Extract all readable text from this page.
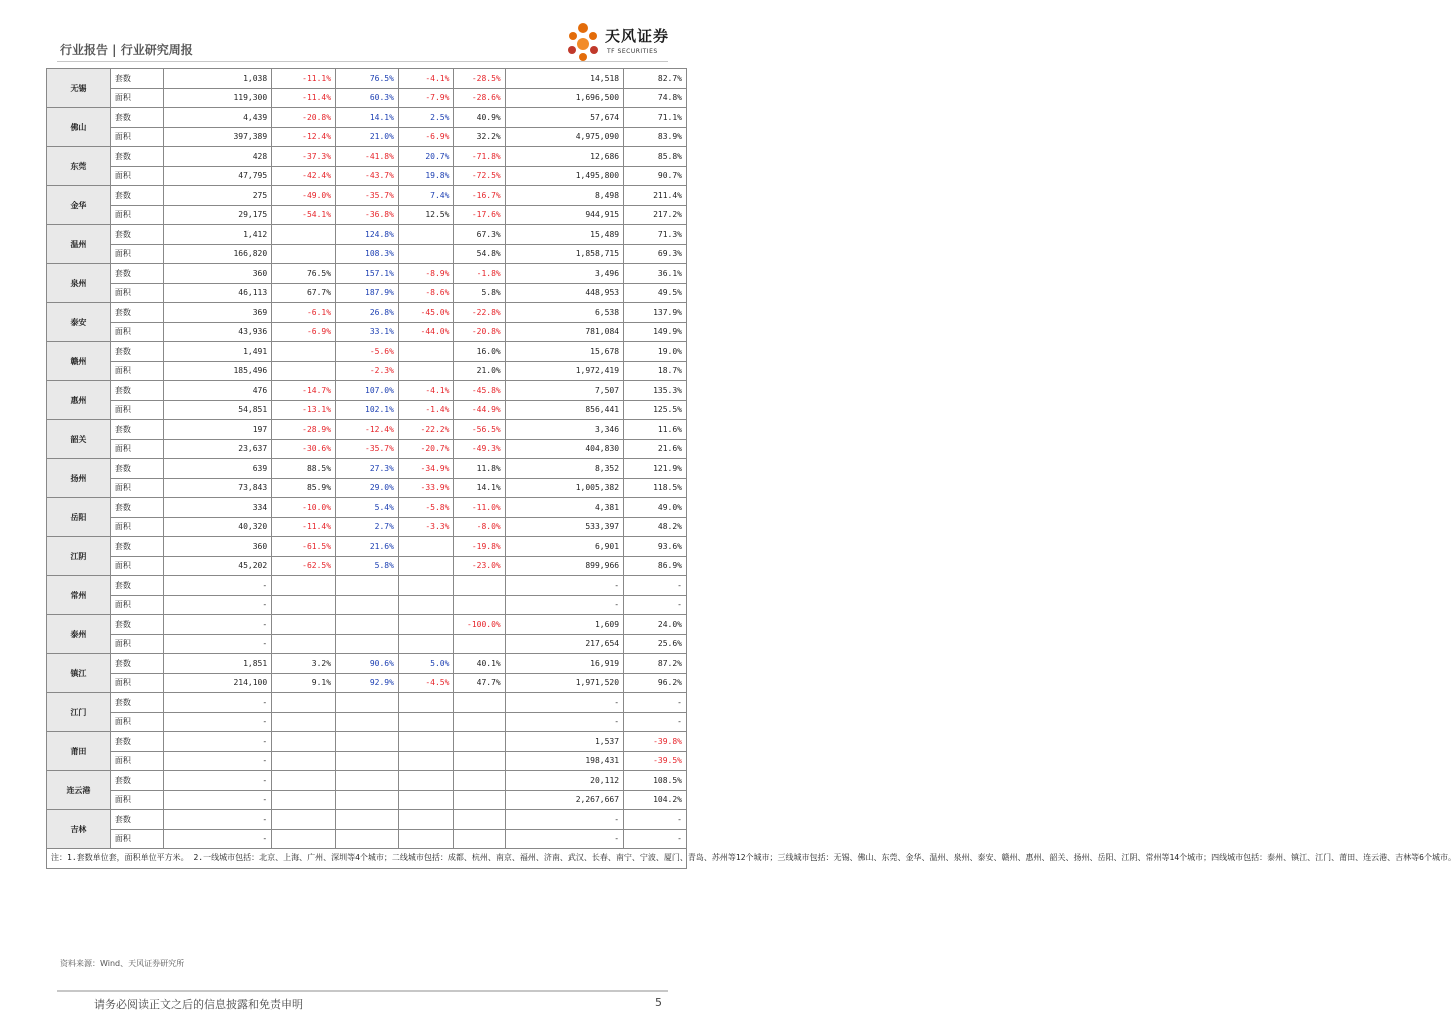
行业报告 | 行业研究周报
天风证券
TF SECURITIES
无锡	套数	1,038	-11.1%	76.5%	-4.1%	-28.5%	14,518	82.7%
	面积	119,300	-11.4%	60.3%	-7.9%	-28.6%	1,696,500	74.8%
佛山	套数	4,439	-20.8%	14.1%	2.5%	40.9%	57,674	71.1%
	面积	397,389	-12.4%	21.0%	-6.9%	32.2%	4,975,090	83.9%
东莞	套数	428	-37.3%	-41.8%	20.7%	-71.8%	12,686	85.8%
	面积	47,795	-42.4%	-43.7%	19.8%	-72.5%	1,495,800	90.7%
金华	套数	275	-49.0%	-35.7%	7.4%	-16.7%	8,498	211.4%
	面积	29,175	-54.1%	-36.8%	12.5%	-17.6%	944,915	217.2%
温州	套数	1,412		124.8%		67.3%	15,489	71.3%
	面积	166,820		108.3%		54.8%	1,858,715	69.3%
泉州	套数	360	76.5%	157.1%	-8.9%	-1.8%	3,496	36.1%
	面积	46,113	67.7%	187.9%	-8.6%	5.8%	448,953	49.5%
泰安	套数	369	-6.1%	26.8%	-45.0%	-22.8%	6,538	137.9%
	面积	43,936	-6.9%	33.1%	-44.0%	-20.8%	781,084	149.9%
赣州	套数	1,491		-5.6%		16.0%	15,678	19.0%
	面积	185,496		-2.3%		21.0%	1,972,419	18.7%
惠州	套数	476	-14.7%	107.0%	-4.1%	-45.8%	7,507	135.3%
	面积	54,851	-13.1%	102.1%	-1.4%	-44.9%	856,441	125.5%
韶关	套数	197	-28.9%	-12.4%	-22.2%	-56.5%	3,346	11.6%
	面积	23,637	-30.6%	-35.7%	-20.7%	-49.3%	404,830	21.6%
扬州	套数	639	88.5%	27.3%	-34.9%	11.8%	8,352	121.9%
	面积	73,843	85.9%	29.0%	-33.9%	14.1%	1,005,382	118.5%
岳阳	套数	334	-10.0%	5.4%	-5.8%	-11.0%	4,381	49.0%
	面积	40,320	-11.4%	2.7%	-3.3%	-8.0%	533,397	48.2%
江阴	套数	360	-61.5%	21.6%		-19.8%	6,901	93.6%
	面积	45,202	-62.5%	5.8%		-23.0%	899,966	86.9%
常州	套数	-					-	-
	面积	-					-	-
泰州	套数	-				-100.0%	1,609	24.0%
	面积	-					217,654	25.6%
镇江	套数	1,851	3.2%	90.6%	5.0%	40.1%	16,919	87.2%
	面积	214,100	9.1%	92.9%	-4.5%	47.7%	1,971,520	96.2%
江门	套数	-					-	-
	面积	-					-	-
莆田	套数	-					1,537	-39.8%
	面积	-					198,431	-39.5%
连云港	套数	-					20,112	108.5%
	面积	-					2,267,667	104.2%
吉林	套数	-					-	-
	面积	-					-	-
注：1.套数单位套，面积单位平方米。 2.一线城市包括：北京、上海、广州、深圳等4个城市；二线城市包括：成都、杭州、南京、福州、济南、武汉、长春、南宁、宁波、厦门、青岛、苏州等12个城市；三线城市包括：无锡、佛山、东莞、金华、温州、泉州、泰安、赣州、惠州、韶关、扬州、岳阳、江阴、常州等14个城市；四线城市包括：泰州、镇江、江门、莆田、连云港、吉林等6个城市。								
资料来源：Wind、天风证券研究所
请务必阅读正文之后的信息披露和免责申明	5
